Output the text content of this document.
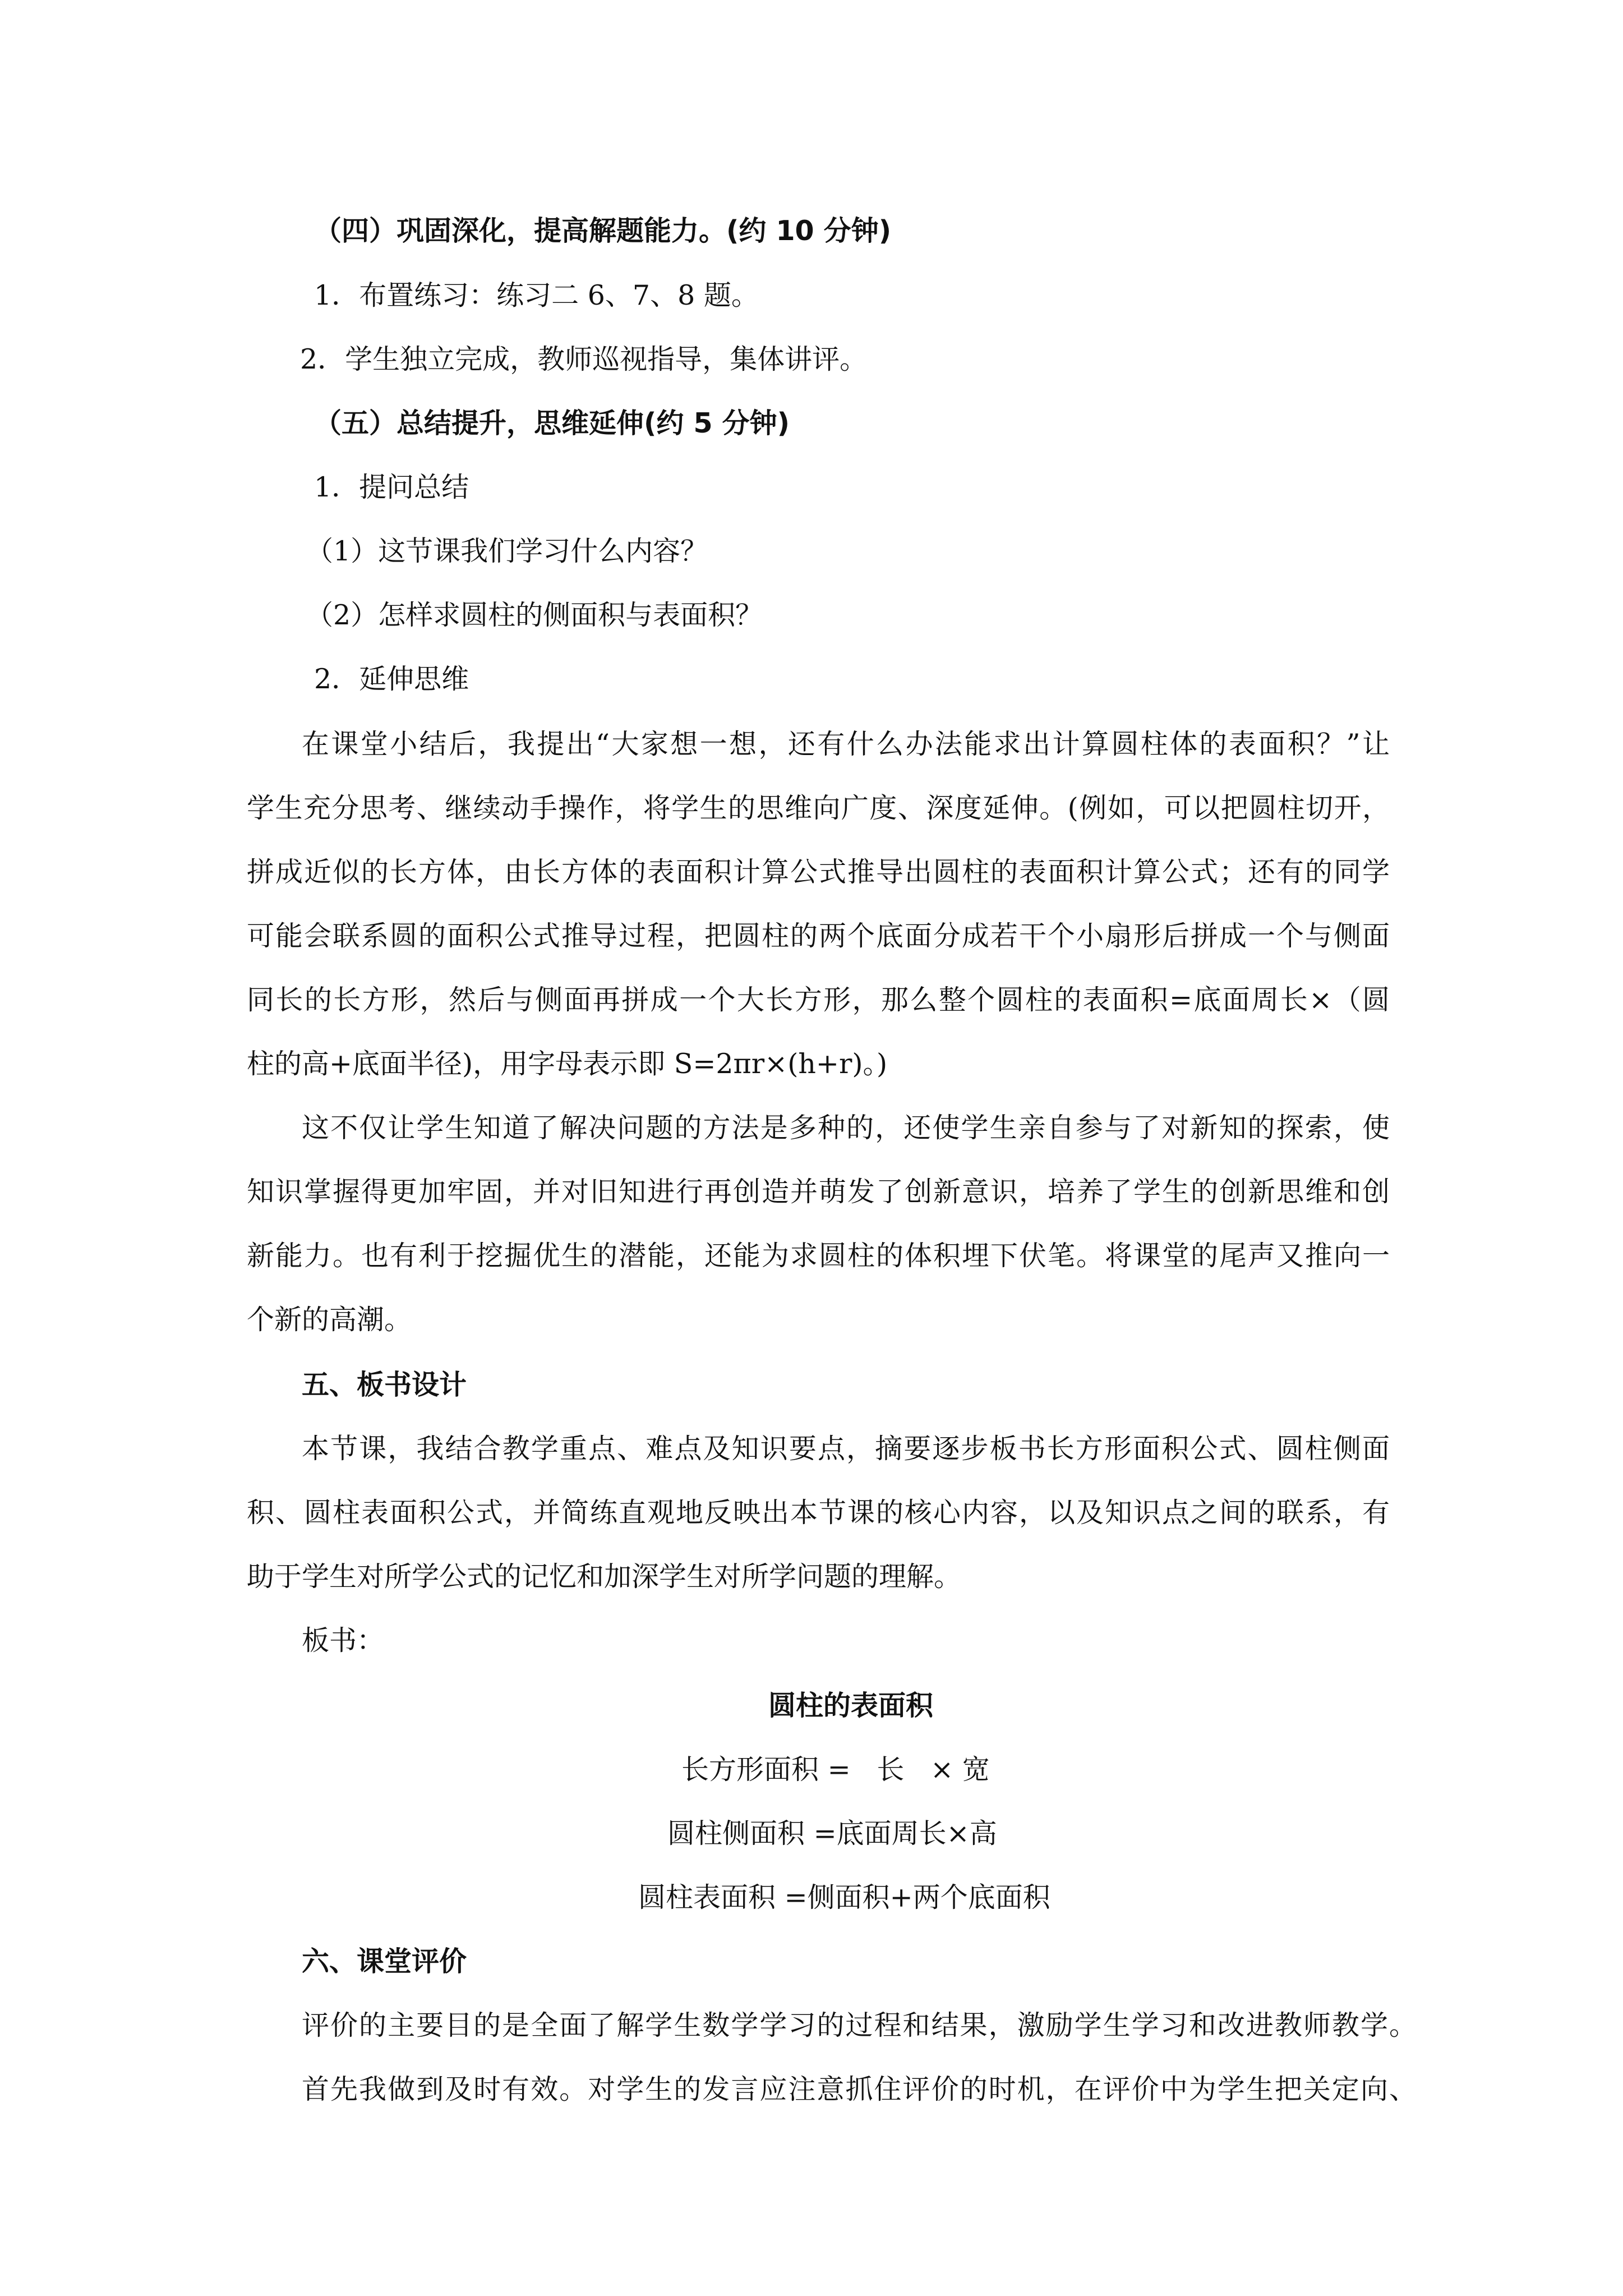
（四）巩固深化，提高解题能力。(约 10 分钟)
1．布置练习：练习二 6、7、8 题。
2．学生独立完成，教师巡视指导，集体讲评。
（五）总结提升，思维延伸(约 5 分钟)
1．提问总结
（1）这节课我们学习什么内容？
（2）怎样求圆柱的侧面积与表面积？
2．延伸思维
在课堂小结后，我提出“大家想一想，还有什么办法能求出计算圆柱体的表面积？”让
学生充分思考、继续动手操作，将学生的思维向广度、深度延伸。(例如，可以把圆柱切开，
拼成近似的长方体，由长方体的表面积计算公式推导出圆柱的表面积计算公式；还有的同学
可能会联系圆的面积公式推导过程，把圆柱的两个底面分成若干个小扇形后拼成一个与侧面
同长的长方形，然后与侧面再拼成一个大长方形，那么整个圆柱的表面积=底面周长×（圆
柱的高+底面半径)，用字母表示即 S=2πr×(h+r)。)
这不仅让学生知道了解决问题的方法是多种的，还使学生亲自参与了对新知的探索，使
知识掌握得更加牢固，并对旧知进行再创造并萌发了创新意识，培养了学生的创新思维和创
新能力。也有利于挖掘优生的潜能，还能为求圆柱的体积埋下伏笔。将课堂的尾声又推向一
个新的高潮。
五、板书设计
本节课，我结合教学重点、难点及知识要点，摘要逐步板书长方形面积公式、圆柱侧面
积、圆柱表面积公式，并简练直观地反映出本节课的核心内容，以及知识点之间的联系，有
助于学生对所学公式的记忆和加深学生对所学问题的理解。
板书：
圆柱的表面积
长方形面积 =   长   × 宽
圆柱侧面积 =底面周长×高
圆柱表面积 =侧面积+两个底面积
六、课堂评价
评价的主要目的是全面了解学生数学学习的过程和结果，激励学生学习和改进教师教学。
首先我做到及时有效。对学生的发言应注意抓住评价的时机，在评价中为学生把关定向、
